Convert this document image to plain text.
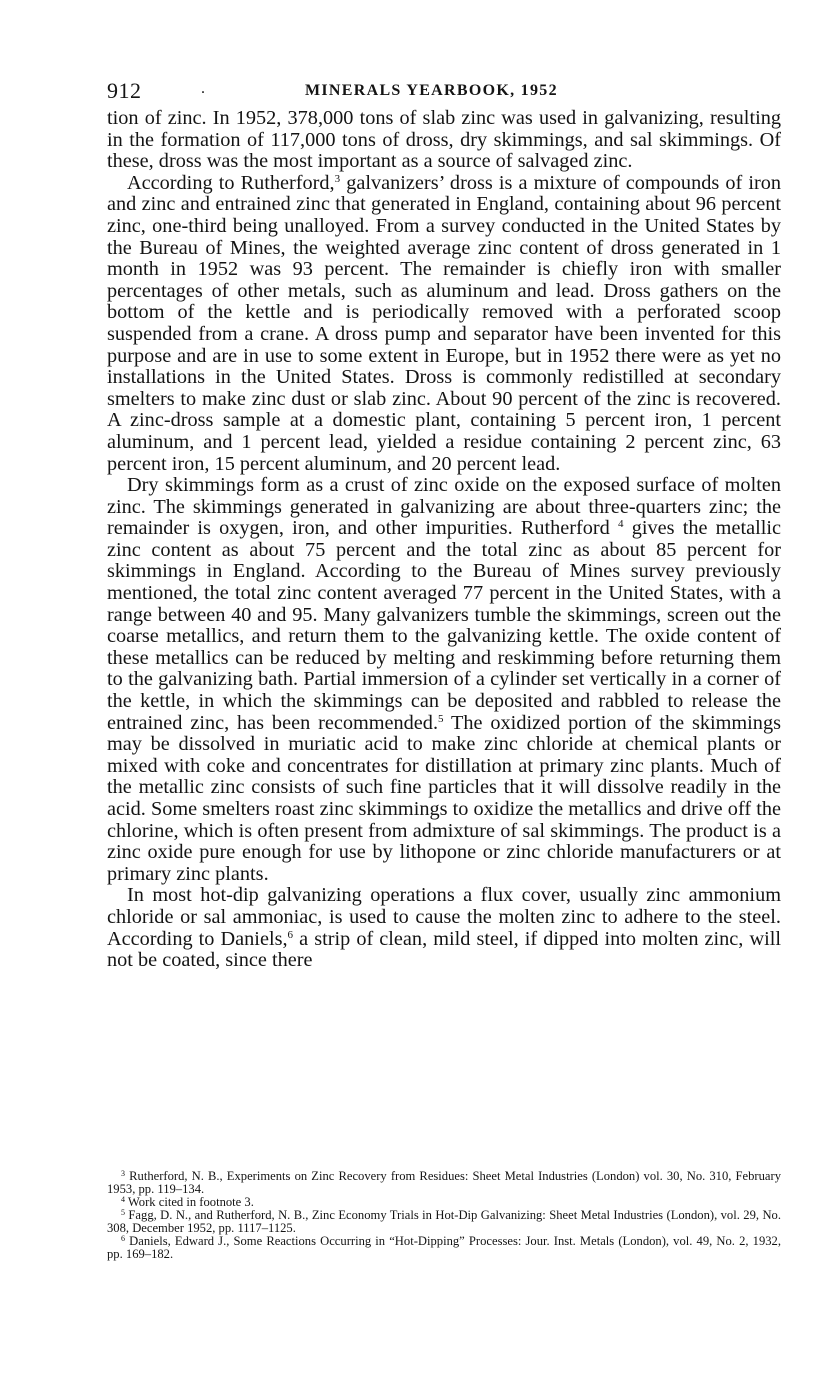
912	.	MINERALS YEARBOOK, 1952

tion of zinc. In 1952, 378,000 tons of slab zinc was used in galvanizing, resulting in the formation of 117,000 tons of dross, dry skimmings, and sal skimmings. Of these, dross was the most important as a source of salvaged zinc.

According to Rutherford,$^3$ galvanizers’ dross is a mixture of compounds of iron and zinc and entrained zinc that generated in England, containing about 96 percent zinc, one-third being unalloyed. From a survey conducted in the United States by the Bureau of Mines, the weighted average zinc content of dross generated in 1 month in 1952 was 93 percent. The remainder is chiefly iron with smaller percentages of other metals, such as aluminum and lead. Dross gathers on the bottom of the kettle and is periodically removed with a perforated scoop suspended from a crane. A dross pump and separator have been invented for this purpose and are in use to some extent in Europe, but in 1952 there were as yet no installations in the United States. Dross is commonly redistilled at secondary smelters to make zinc dust or slab zinc. About 90 percent of the zinc is recovered. A zinc-dross sample at a domestic plant, containing 5 percent iron, 1 percent aluminum, and 1 percent lead, yielded a residue containing 2 percent zinc, 63 percent iron, 15 percent aluminum, and 20 percent lead.

Dry skimmings form as a crust of zinc oxide on the exposed surface of molten zinc. The skimmings generated in galvanizing are about three-quarters zinc; the remainder is oxygen, iron, and other impurities. Rutherford $^4$ gives the metallic zinc content as about 75 percent and the total zinc as about 85 percent for skimmings in England. According to the Bureau of Mines survey previously mentioned, the total zinc content averaged 77 percent in the United States, with a range between 40 and 95. Many galvanizers tumble the skimmings, screen out the coarse metallics, and return them to the galvanizing kettle. The oxide content of these metallics can be reduced by melting and reskimming before returning them to the galvanizing bath. Partial immersion of a cylinder set vertically in a corner of the kettle, in which the skimmings can be deposited and rabbled to release the entrained zinc, has been recommended.$^5$ The oxidized portion of the skimmings may be dissolved in muriatic acid to make zinc chloride at chemical plants or mixed with coke and concentrates for distillation at primary zinc plants. Much of the metallic zinc consists of such fine particles that it will dissolve readily in the acid. Some smelters roast zinc skimmings to oxidize the metallics and drive off the chlorine, which is often present from admixture of sal skimmings. The product is a zinc oxide pure enough for use by lithopone or zinc chloride manufacturers or at primary zinc plants.

In most hot-dip galvanizing operations a flux cover, usually zinc ammonium chloride or sal ammoniac, is used to cause the molten zinc to adhere to the steel. According to Daniels,$^6$ a strip of clean, mild steel, if dipped into molten zinc, will not be coated, since there

$^3$ Rutherford, N. B., Experiments on Zinc Recovery from Residues: Sheet Metal Industries (London) vol. 30, No. 310, February 1953, pp. 119–134.

$^4$ Work cited in footnote 3.

$^5$ Fagg, D. N., and Rutherford, N. B., Zinc Economy Trials in Hot-Dip Galvanizing: Sheet Metal Industries (London), vol. 29, No. 308, December 1952, pp. 1117–1125.

$^6$ Daniels, Edward J., Some Reactions Occurring in “Hot-Dipping” Processes: Jour. Inst. Metals (London), vol. 49, No. 2, 1932, pp. 169–182.
